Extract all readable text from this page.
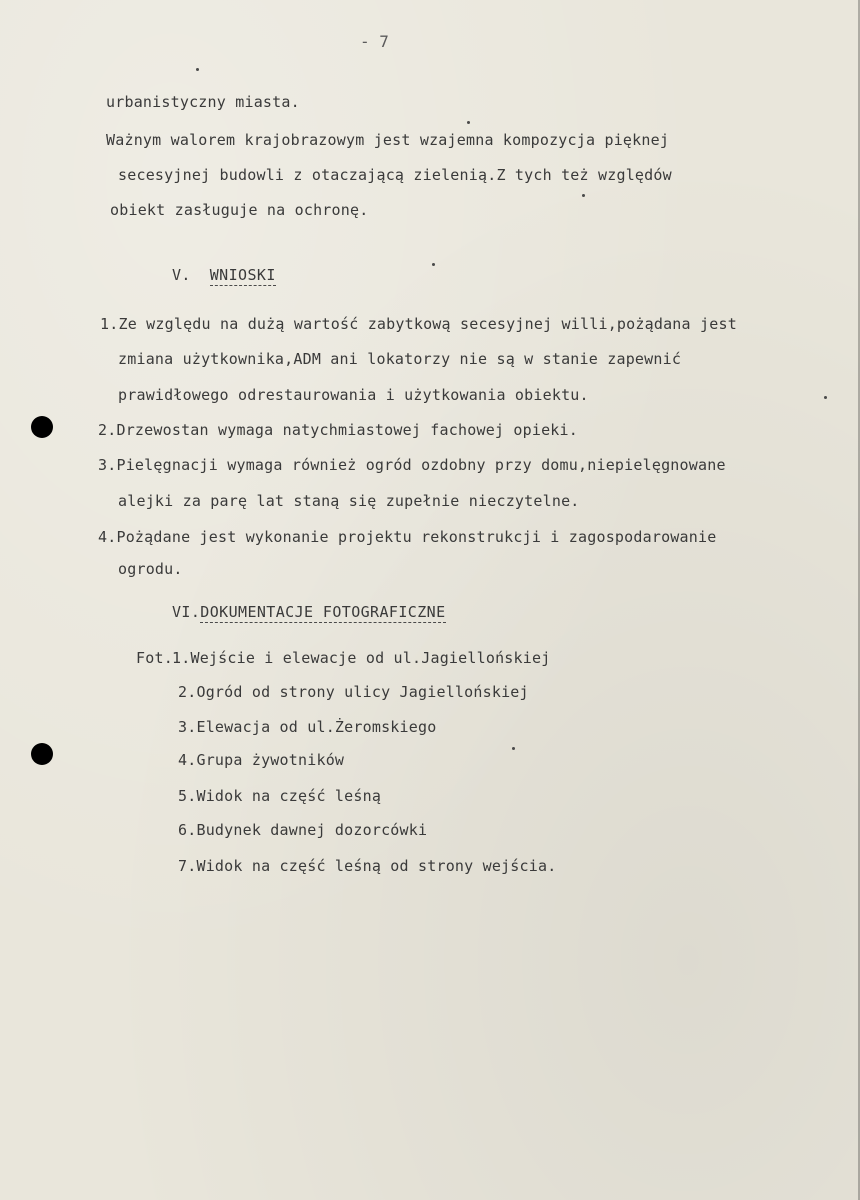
- 7
urbanistyczny miasta.
Ważnym walorem krajobrazowym jest wzajemna kompozycja pięknej
secesyjnej budowli z otaczającą zielenią.Z tych też względów
obiekt zasługuje na ochronę.
V. WNIOSKI
1.Ze względu na dużą wartość zabytkową secesyjnej willi,pożądana jest
zmiana użytkownika,ADM ani lokatorzy nie są w stanie zapewnić
prawidłowego odrestaurowania i użytkowania obiektu.
2.Drzewostan wymaga natychmiastowej fachowej opieki.
3.Pielęgnacji wymaga również ogród ozdobny przy domu,niepielęgnowane
alejki za parę lat staną się zupełnie nieczytelne.
4.Pożądane jest wykonanie projektu rekonstrukcji i zagospodarowanie
ogrodu.
VI.DOKUMENTACJE FOTOGRAFICZNE
Fot. 1.Wejście i elewacje od ul.Jagiellońskiej
2.Ogród od strony ulicy Jagiellońskiej
3.Elewacja od ul.Żeromskiego
4.Grupa żywotników
5.Widok na część leśną
6.Budynek dawnej dozorcówki
7.Widok na część leśną od strony wejścia.
